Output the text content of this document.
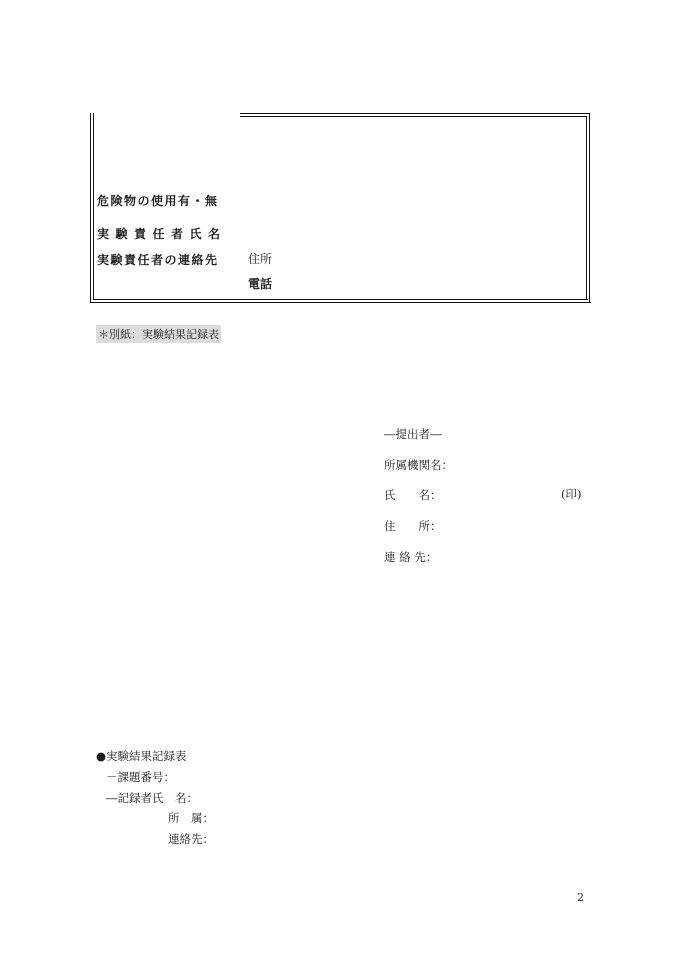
危険物の使用有・無
実験責任者氏名
実験責任者の連絡先 住所
電話
＊別紙：実験結果記録表
―提出者―
所属機関名：
氏　　名：	(印)
住　　所：
連 絡 先：
●実験結果記録表
－課題番号：
―記録者氏　名：
所　属：
連絡先：
2
